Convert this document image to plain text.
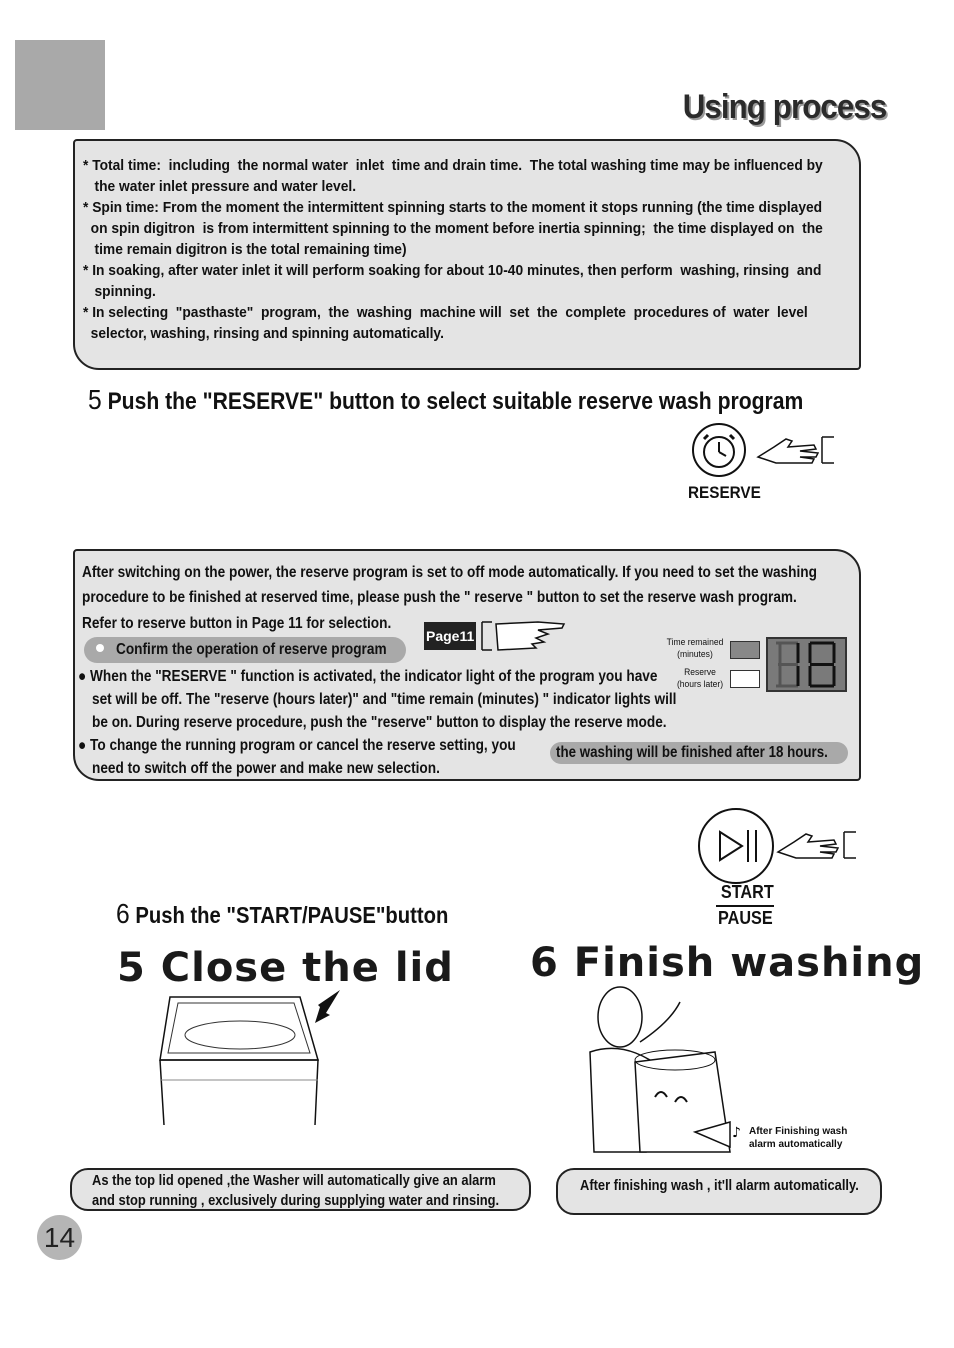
Using process

* Total time:  including  the normal water  inlet  time and drain time.  The total washing time may be influenced by

the water inlet pressure and water level.

* Spin time: From the moment the intermittent spinning starts to the moment it stops running (the time displayed

on spin digitron  is from intermittent spinning to the moment before inertia spinning;  the time displayed on  the

time remain digitron is the total remaining time)

* In soaking, after water inlet it will perform soaking for about 10-40 minutes, then perform  washing, rinsing  and

spinning.

* In selecting  "pasthaste"  program,  the  washing  machine will  set  the  complete  procedures of  water  level

selector, washing, rinsing and spinning automatically.

5 Push the "RESERVE" button to select suitable reserve wash program
RESERVE
After switching on the power, the reserve program is set to off mode automatically. If you need to set the washing
procedure to be finished at reserved time, please push the " reserve " button to set the reserve wash program.
Refer to reserve button in Page 11 for selection.
Confirm the operation of reserve program
● When the "RESERVE " function is activated, the indicator light of the program you have
set will be off. The "reserve (hours later)" and "time remain (minutes) " indicator lights will
be on. During reserve procedure, push the "reserve" button to display the reserve mode.
● To change the running program or cancel the reserve setting, you
need to switch off the power and make new selection.
the washing will be finished after 18 hours.
Page11	Time remained
(minutes)
Reserve
(hours later)
START
PAUSE
6 Push the "START/PAUSE"button
5 Close the lid 6 Finish washing
♪ After Finishing wash
alarm automatically
As the top lid opened ,the Washer will automatically give an alarm
and stop running , exclusively during supplying water and rinsing.
After finishing wash , it'll alarm automatically.
14
